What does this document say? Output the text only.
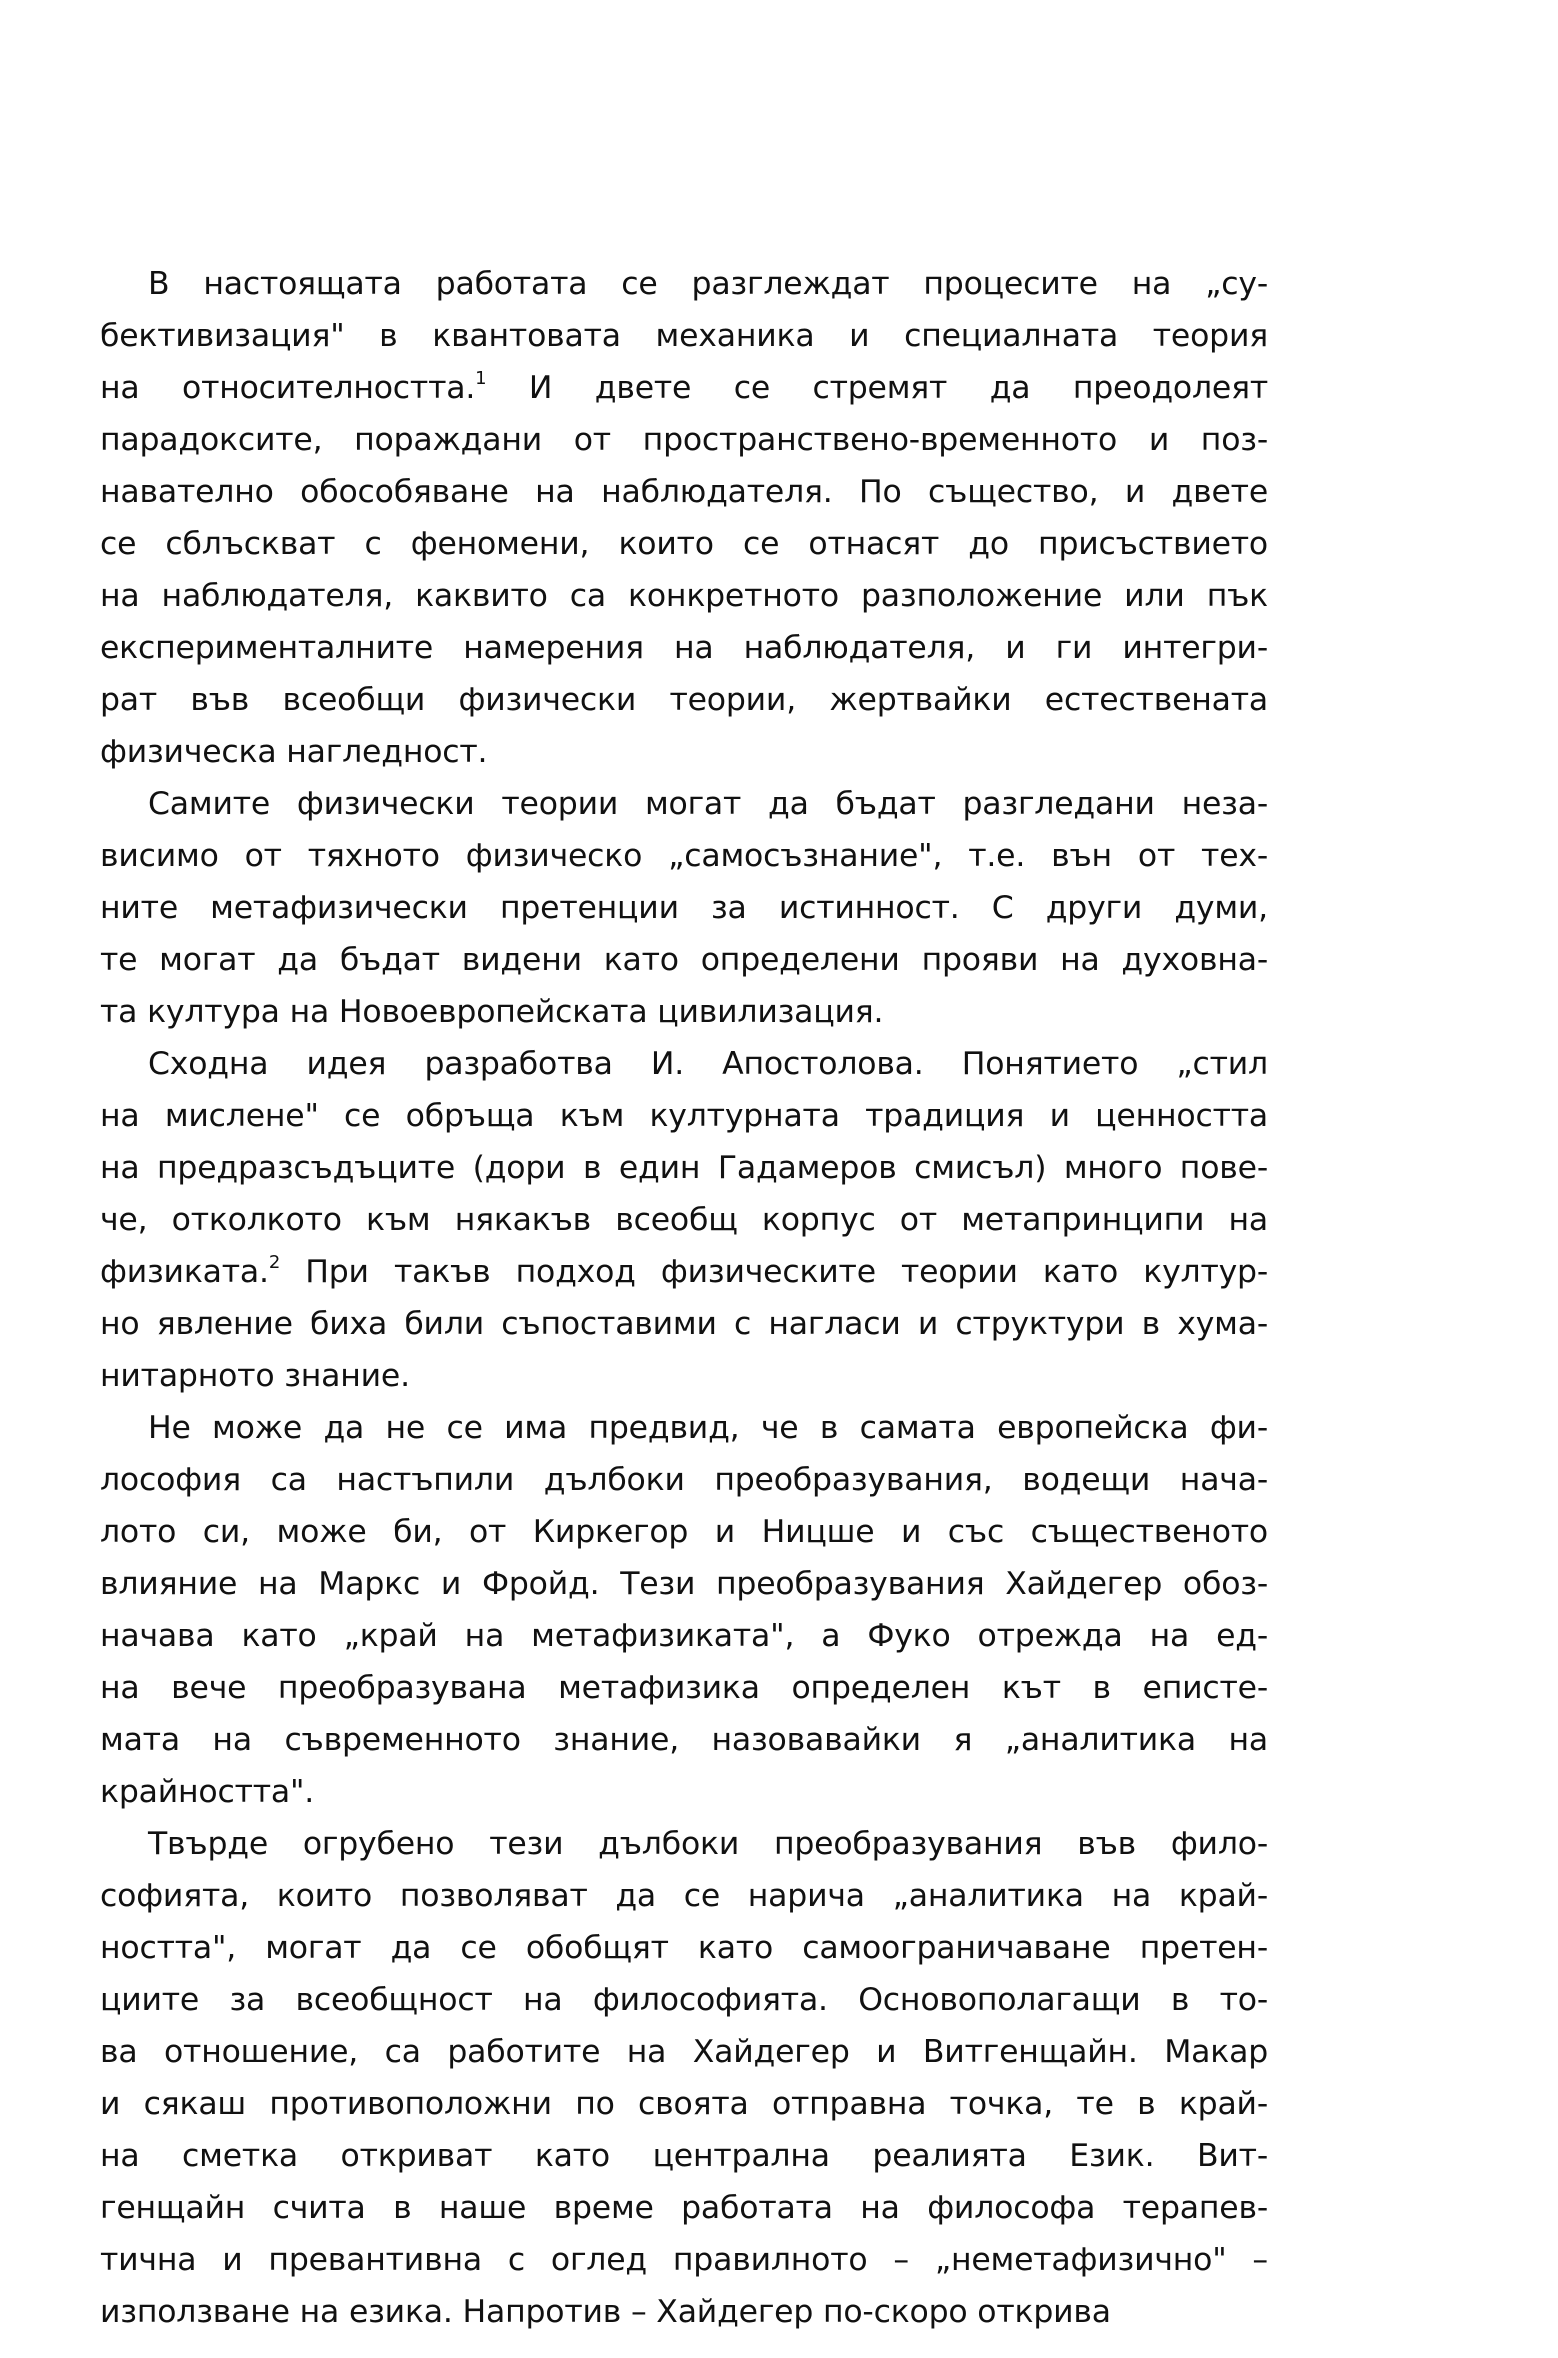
В настоящата работата се разглеждат процесите на „су-
бективизация" в квантовата механика и специалната теория
на относителността.$^1$ И двете се стремят да преодолеят
парадоксите, пораждани от пространствено-временното и поз-
навателно обособяване на наблюдателя. По същество, и двете
се сблъскват с феномени, които се отнасят до присъствието
на наблюдателя, каквито са конкретното разположение или пък
експерименталните намерения на наблюдателя, и ги интегри-
рат във всеобщи физически теории, жертвайки естествената
физическа нагледност.
Самите физически теории могат да бъдат разгледани неза-
висимо от тяхното физическо „самосъзнание", т.е. вън от тех-
ните метафизически претенции за истинност. С други думи,
те могат да бъдат видени като определени прояви на духовна-
та култура на Новоевропейската цивилизация.
Сходна идея разработва И. Апостолова. Понятието „стил
на мислене" се обръща към културната традиция и ценността
на предразсъдъците (дори в един Гадамеров смисъл) много пове-
че, отколкото към някакъв всеобщ корпус от метапринципи на
физиката.$^2$ При такъв подход физическите теории като култур-
но явление биха били съпоставими с нагласи и структури в хума-
нитарното знание.
Не може да не се има предвид, че в самата европейска фи-
лософия са настъпили дълбоки преобразувания, водещи нача-
лото си, може би, от Киркегор и Ницше и със същественото
влияние на Маркс и Фройд. Тези преобразувания Хайдегер обоз-
начава като „край на метафизиката", а Фуко отрежда на ед-
на вече преобразувана метафизика определен кът в епистe-
мата на съвременното знание, назовавайки я „аналитика на
крайността".
Твърде огрубено тези дълбоки преобразувания във фило-
софията, които позволяват да се нарича „аналитика на край-
ността", могат да се обобщят като самоограничаване претен-
циите за всеобщност на философията. Основополагащи в то-
ва отношение, са работите на Хайдегер и Витгенщайн. Макар
и сякаш противоположни по своята отправна точка, те в край-
на сметка откриват като централна реалията Език. Вит-
генщайн счита в наше време работата на философа терапев-
тична и превантивна с оглед правилното – „неметафизично" –
използване на езика. Напротив – Хайдегер по-скоро открива
